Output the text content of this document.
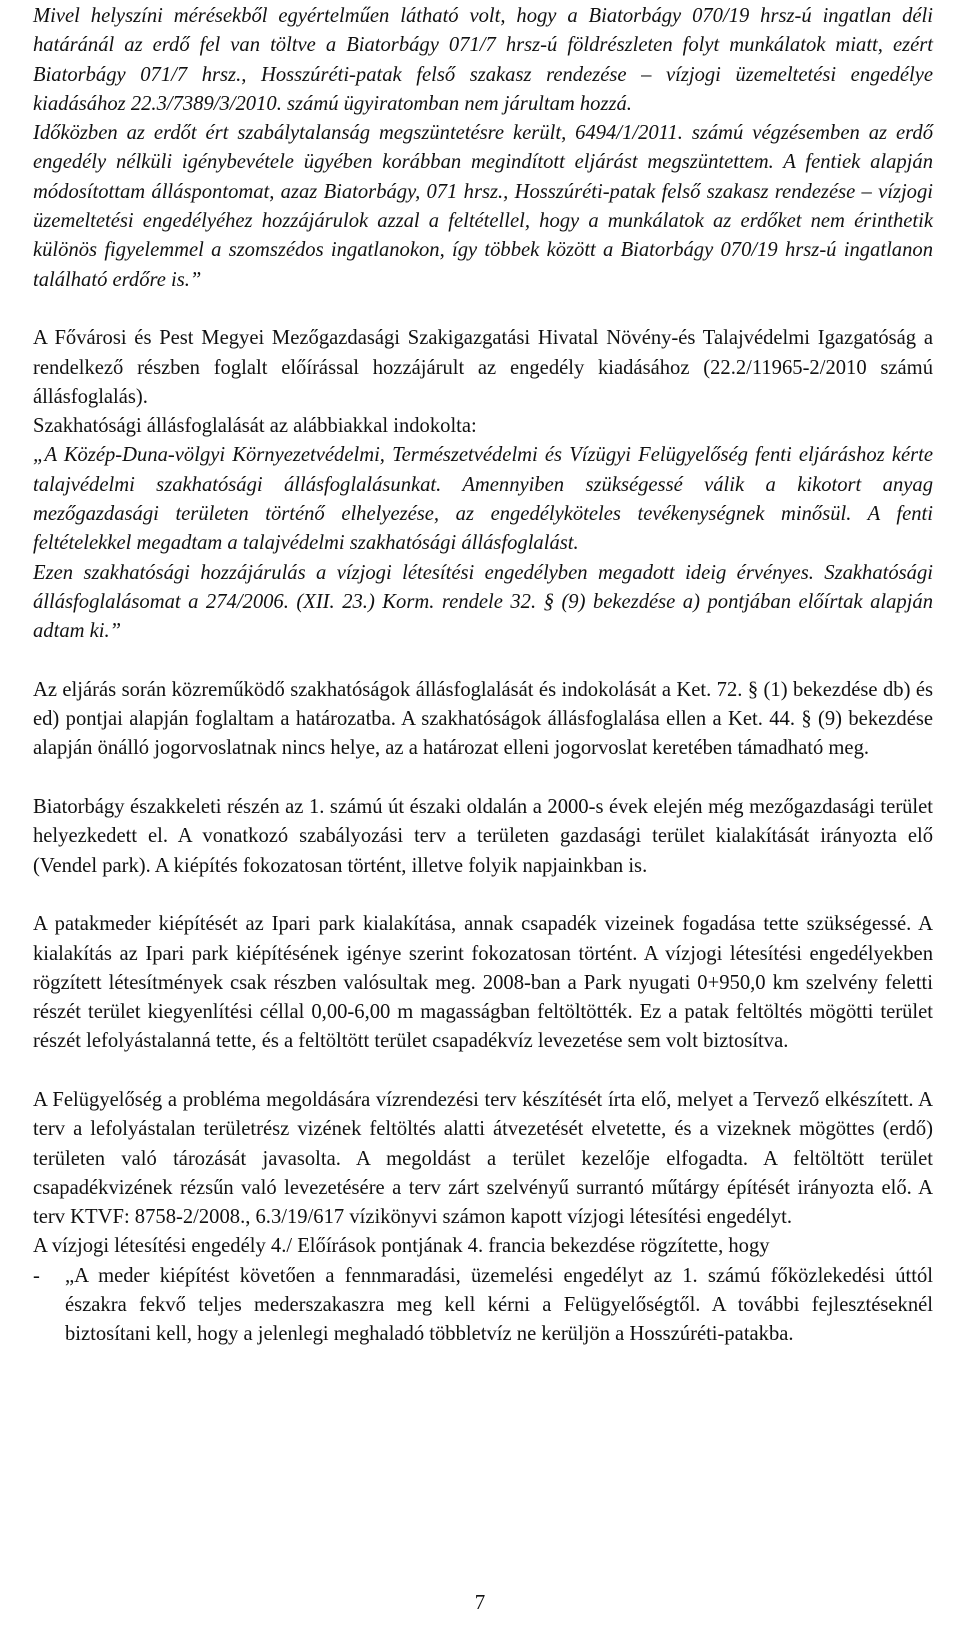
Mivel helyszíni mérésekből egyértelműen látható volt, hogy a Biatorbágy 070/19 hrsz-ú ingatlan déli határánál az erdő fel van töltve a Biatorbágy 071/7 hrsz-ú földrészleten folyt munkálatok miatt, ezért Biatorbágy 071/7 hrsz., Hosszúréti-patak felső szakasz rendezése – vízjogi üzemeltetési engedélye kiadásához 22.3/7389/3/2010. számú ügyiratomban nem járultam hozzá.

Időközben az erdőt ért szabálytalanság megszüntetésre került, 6494/1/2011. számú végzésemben az erdő engedély nélküli igénybevétele ügyében korábban megindított eljárást megszüntettem. A fentiek alapján módosítottam álláspontomat, azaz Biatorbágy, 071 hrsz., Hosszúréti-patak felső szakasz rendezése – vízjogi üzemeltetési engedélyéhez hozzájárulok azzal a feltétellel, hogy a munkálatok az erdőket nem érinthetik különös figyelemmel a szomszédos ingatlanokon, így többek között a Biatorbágy 070/19 hrsz-ú ingatlanon található erdőre is.”

A Fővárosi és Pest Megyei Mezőgazdasági Szakigazgatási Hivatal Növény-és Talajvédelmi Igazgatóság a rendelkező részben foglalt előírással hozzájárult az engedély kiadásához (22.2/11965-2/2010 számú állásfoglalás).

Szakhatósági állásfoglalását az alábbiakkal indokolta:

„A Közép-Duna-völgyi Környezetvédelmi, Természetvédelmi és Vízügyi Felügyelőség fenti eljáráshoz kérte talajvédelmi szakhatósági állásfoglalásunkat. Amennyiben szükségessé válik a kikotort anyag mezőgazdasági területen történő elhelyezése, az engedélyköteles tevékenységnek minősül. A fenti feltételekkel megadtam a talajvédelmi szakhatósági állásfoglalást.

Ezen szakhatósági hozzájárulás a vízjogi létesítési engedélyben megadott ideig érvényes. Szakhatósági állásfoglalásomat a 274/2006. (XII. 23.) Korm. rendele 32. § (9) bekezdése a) pontjában előírtak alapján adtam ki.”

Az eljárás során közreműködő szakhatóságok állásfoglalását és indokolását a Ket. 72. § (1) bekezdése db) és ed) pontjai alapján foglaltam a határozatba. A szakhatóságok állásfoglalása ellen a Ket. 44. § (9) bekezdése alapján önálló jogorvoslatnak nincs helye, az a határozat elleni jogorvoslat keretében támadható meg.

Biatorbágy északkeleti részén az 1. számú út északi oldalán a 2000-s évek elején még mezőgazdasági terület helyezkedett el. A vonatkozó szabályozási terv a területen gazdasági terület kialakítását irányozta elő (Vendel park). A kiépítés fokozatosan történt, illetve folyik napjainkban is.

A patakmeder kiépítését az Ipari park kialakítása, annak csapadék vizeinek fogadása tette szükségessé. A kialakítás az Ipari park kiépítésének igénye szerint fokozatosan történt. A vízjogi létesítési engedélyekben rögzített létesítmények csak részben valósultak meg. 2008-ban a Park nyugati 0+950,0 km szelvény feletti részét terület kiegyenlítési céllal 0,00-6,00 m magasságban feltöltötték. Ez a patak feltöltés mögötti terület részét lefolyástalanná tette, és a feltöltött terület csapadékvíz levezetése sem volt biztosítva.

A Felügyelőség a probléma megoldására vízrendezési terv készítését írta elő, melyet a Tervező elkészített. A terv a lefolyástalan területrész vizének feltöltés alatti átvezetését elvetette, és a vizeknek mögöttes (erdő) területen való tározását javasolta. A megoldást a terület kezelője elfogadta. A feltöltött terület csapadékvizének rézsűn való levezetésére a terv zárt szelvényű surrantó műtárgy építését irányozta elő. A terv KTVF: 8758-2/2008., 6.3/19/617 vízikönyvi számon kapott vízjogi létesítési engedélyt.

A vízjogi létesítési engedély 4./ Előírások pontjának 4. francia bekezdése rögzítette, hogy

-	„A meder kiépítést követően a fennmaradási, üzemelési engedélyt az 1. számú főközlekedési úttól északra fekvő teljes mederszakaszra meg kell kérni a Felügyelőségtől. A további fejlesztéseknél biztosítani kell, hogy a jelenlegi meghaladó többletvíz ne kerüljön a Hosszúréti-patakba.
7
